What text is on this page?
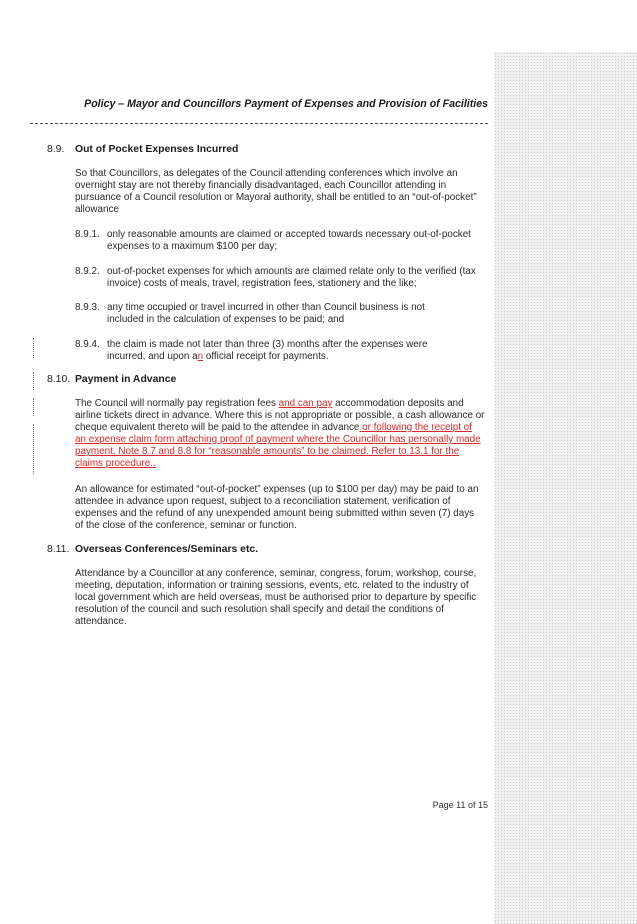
Policy – Mayor and Councillors Payment of Expenses and Provision of Facilities
8.9. Out of Pocket Expenses Incurred

So that Councillors, as delegates of the Council attending conferences which involve an overnight stay are not thereby financially disadvantaged, each Councillor attending in pursuance of a Council resolution or Mayoral authority, shall be entitled to an “out-of-pocket” allowance

8.9.1. only reasonable amounts are claimed or accepted towards necessary out-of-pocket expenses to a maximum $100 per day;

8.9.2. out-of-pocket expenses for which amounts are claimed relate only to the verified (tax invoice) costs of meals, travel, registration fees, stationery and the like;

8.9.3. any time occupied or travel incurred in other than Council business is not included in the calculation of expenses to be paid; and

8.9.4. the claim is made not later than three (3) months after the expenses were incurred, and upon an official receipt for payments.

8.10. Payment in Advance

The Council will normally pay registration fees and can pay accommodation deposits and airline tickets direct in advance. Where this is not appropriate or possible, a cash allowance or cheque equivalent thereto will be paid to the attendee in advance or following the receipt of an expense claim form attaching proof of payment where the Councillor has personally made payment. Note 8.7 and 8.8 for “reasonable amounts” to be claimed. Refer to 13.1 for the claims procedure..

An allowance for estimated “out-of-pocket” expenses (up to $100 per day) may be paid to an attendee in advance upon request, subject to a reconciliation statement, verification of expenses and the refund of any unexpended amount being submitted within seven (7) days of the close of the conference, seminar or function.

8.11. Overseas Conferences/Seminars etc.

Attendance by a Councillor at any conference, seminar, congress, forum, workshop, course, meeting, deputation, information or training sessions, events, etc. related to the industry of local government which are held overseas, must be authorised prior to departure by specific resolution of the council and such resolution shall specify and detail the conditions of attendance.

Page 11 of 15
